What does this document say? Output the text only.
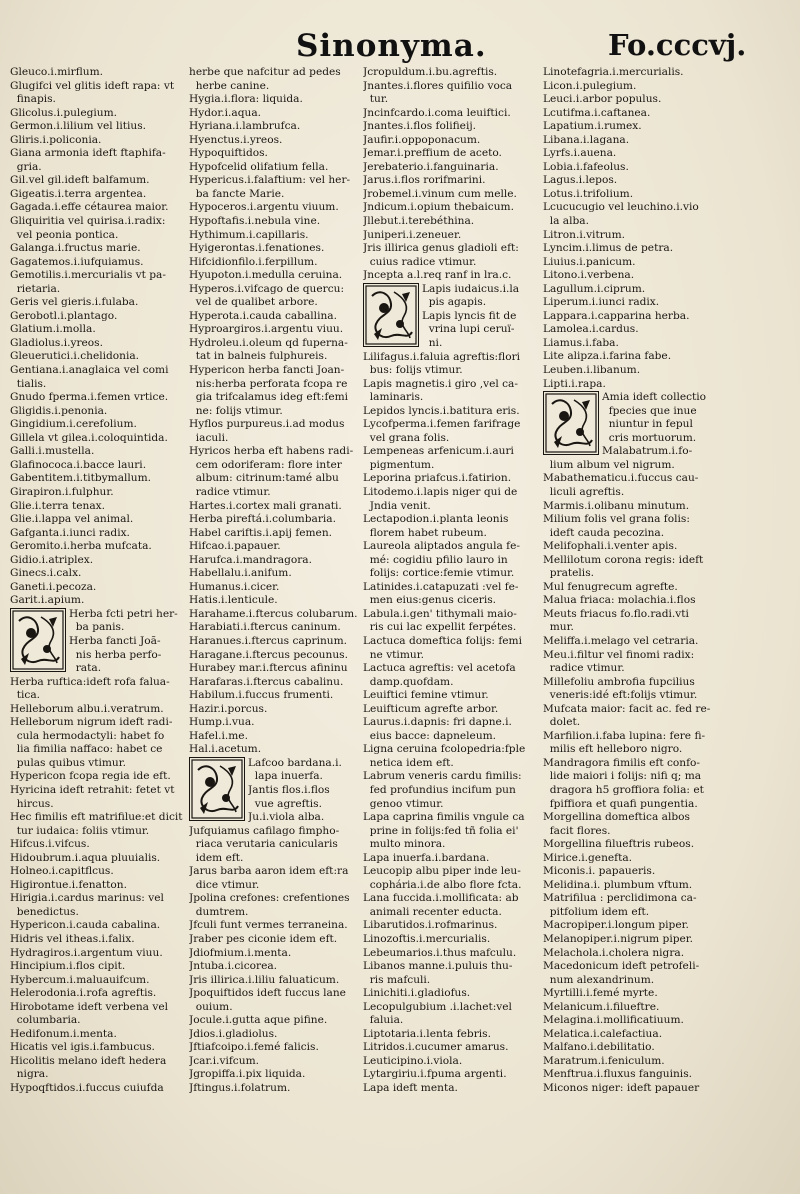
Sinonyma.	Fo.cccvj.
Gleuco.i.mirflum.
Glugifci vel glitis ideft rapa: vt
finapis.
Glicolus.i.pulegium.
Germon.i.lilium vel litius.
Gliris.i.policonia.
Giana armonia ideft ftaphifa-
gria.
Gil.vel gil.ideft balfamum.
Gigeatis.i.terra argentea.
Gagada.i.effe cétaurea maior.
Gliquiritia vel quirisa.i.radix:
vel peonia pontica.
Galanga.i.fructus marie.
Gagatemos.i.iufquiamus.
Gemotilis.i.mercurialis vt pa-
rietaria.
Geris vel gieris.i.fulaba.
Gerobotl.i.plantago.
Glatium.i.molla.
Gladiolus.i.yreos.
Gleuerutici.i.chelidonia.
Gentiana.i.anaglaica vel comi
tialis.
Gnudo fperma.i.femen vrtice.
Gligidis.i.penonia.
Gingidium.i.cerefolium.
Gillela vt gilea.i.coloquintida.
Galli.i.mustella.
Glafinococa.i.bacce lauri.
Gabentitem.i.titbymallum.
Girapiron.i.fulphur.
Glie.i.terra tenax.
Glie.i.lappa vel animal.
Gafganta.i.iunci radix.
Geromito.i.herba mufcata.
Gidio.i.atriplex.
Ginecs.i.calx.
Ganeti.i.pecoza.
Garit.i.apium.
Herba fcti petri her-
ba panis.
Herba fancti Joã-
nis herba perfo-
rata.
Herba ruftica:ideft rofa falua-
tica.
Helleborum albu.i.veratrum.
Helleborum nigrum ideft radi-
cula hermodactyli: habet fo
lia fimilia naffaco: habet ce
pulas quibus vtimur.
Hypericon fcopa regia ide eft.
Hyricina ideft retrahit: fetet vt
hircus.
Hec fimilis eft matrifilue:et dicit
tur iudaica: foliis vtimur.
Hifcus.i.vifcus.
Hidoubrum.i.aqua pluuialis.
Holneo.i.capitflcus.
Higirontue.i.fenatton.
Hirigia.i.cardus marinus: vel
benedictus.
Hypericon.i.cauda cabalina.
Hidris vel itheas.i.falix.
Hydragiros.i.argentum viuu.
Hincipium.i.flos cipit.
Hybercum.i.maluauifcum.
Helerodonia.i.rofa agreftis.
Hirobotame ideft verbena vel
columbaria.
Hedifonum.i.menta.
Hicatis vel igis.i.fambucus.
Hicolitis melano ideft hedera
nigra.
Hypoqftidos.i.fuccus cuiufda
herbe que nafcitur ad pedes
herbe canine.
Hygia.i.flora: liquida.
Hydor.i.aqua.
Hyriana.i.lambrufca.
Hyenctus.i.yreos.
Hypoquiftidos.
Hypofcelid olifatium fella.
Hypericus.i.falaftium: vel her-
ba fancte Marie.
Hypoceros.i.argentu viuum.
Hypoftafis.i.nebula vine.
Hythimum.i.capillaris.
Hyigerontas.i.fenationes.
Hifcidionfilo.i.ferpillum.
Hyupoton.i.medulla ceruina.
Hyperos.i.vifcago de quercu:
vel de qualibet arbore.
Hyperota.i.cauda caballina.
Hyproargiros.i.argentu viuu.
Hydroleu.i.oleum qd fuperna-
tat in balneis fulphureis.
Hypericon herba fancti Joan-
nis:herba perforata fcopa re
gia trifcalamus ideg eft:femi
ne: folijs vtimur.
Hyflos purpureus.i.ad modus
iaculi.
Hyricos herba eft habens radi-
cem odoriferam: flore inter
album: citrinum:tamé albu
radice vtimur.
Hartes.i.cortex mali granati.
Herba pireftá.i.columbaria.
Habel cariftis.i.apij femen.
Hifcao.i.papauer.
Harufca.i.mandragora.
Habellalu.i.anifum.
Humanus.i.cicer.
Hatis.i.lenticule.
Harahame.i.ftercus colubarum.
Harabiati.i.ftercus caninum.
Haranues.i.ftercus caprinum.
Haragane.i.ftercus pecounus.
Hurabey mar.i.ftercus afininu
Harafaras.i.ftercus cabalinu.
Habilum.i.fuccus frumenti.
Hazir.i.porcus.
Hump.i.vua.
Hafel.i.me.
Hal.i.acetum.
Lafcoo bardana.i.
lapa inuerfa.
Jantis flos.i.flos
vue agreftis.
Ju.i.viola alba.
Jufquiamus cafilago fimpho-
riaca verutaria canicularis
idem eft.
Jarus barba aaron idem eft:ra
dice vtimur.
Jpolina crefones: crefentiones
dumtrem.
Jfculi funt vermes terraneina.
Jraber pes ciconie idem eft.
Jdiofmium.i.menta.
Jntuba.i.cicorea.
Jris illirica.i.liliu faluaticum.
Jpoquiftidos ideft fuccus lane
ouium.
Jocule.i.gutta aque pifine.
Jdios.i.gladiolus.
Jftiafcoipo.i.femé falicis.
Jcar.i.vifcum.
Jgropiffa.i.pix liquida.
Jftingus.i.folatrum.
Jcropuldum.i.bu.agreftis.
Jnantes.i.flores quifilio voca
tur.
Jncinfcardo.i.coma leuiftici.
Jnantes.i.flos folifieij.
Jaufir.i.oppoponacum.
Jemar.i.preffium de aceto.
Jerebaterio.i.fanguinaria.
Jarus.i.flos rorifmarini.
Jrobemel.i.vinum cum melle.
Jndicum.i.opium thebaicum.
Jllebut.i.terebéthina.
Juniperi.i.zeneuer.
Jris illirica genus gladioli eft:
cuius radice vtimur.
Jncepta a.l.req ranf in lra.c.
Lapis iudaicus.i.la
pis agapis.
Lapis lyncis fit de
vrina lupi ceruï-
ni.
Lilifagus.i.faluia agreftis:flori
bus: folijs vtimur.
Lapis magnetis.i giro ,vel ca-
laminaris.
Lepidos lyncis.i.batitura eris.
Lycofperma.i.femen farifrage
vel grana folis.
Lempeneas arfenicum.i.auri
pigmentum.
Leporina priafcus.i.fatirion.
Litodemo.i.lapis niger qui de
Jndia venit.
Lectapodion.i.planta leonis
florem habet rubeum.
Laureola aliptados angula fe-
mé: cogidiu pfilio lauro in
folijs: cortice:femie vtimur.
Latinides.i.catapuzati :vel fe-
men eius:genus ciceris.
Labula.i.gen' tithymali maio-
ris cui lac expellit ferpétes.
Lactuca domeftica folijs: femi
ne vtimur.
Lactuca agreftis: vel acetofa
damp.quofdam.
Leuiftici femine vtimur.
Leuifticum agrefte arbor.
Laurus.i.dapnis: fri dapne.i.
eius bacce: dapneleum.
Ligna ceruina fcolopedria:fple
netica idem eft.
Labrum veneris cardu fimilis:
fed profundius incifum pun
genoo vtimur.
Lapa caprina fimilis vngule ca
prine in folijs:fed tñ folia ei'
multo minora.
Lapa inuerfa.i.bardana.
Leucopip albu piper inde leu-
cophária.i.de albo flore fcta.
Lana fuccida.i.mollificata: ab
animali recenter educta.
Libarutidos.i.rofmarinus.
Linozoftis.i.mercurialis.
Lebeumarios.i.thus mafculu.
Libanos manne.i.puluis thu-
ris mafculi.
Linichiti.i.gladiofus.
Lecopulgubium .i.lachet:vel
faluia.
Liptotaria.i.lenta febris.
Litridos.i.cucumer amarus.
Leuticipino.i.viola.
Lytargiriu.i.fpuma argenti.
Lapa ideft menta.
Linotefagria.i.mercurialis.
Licon.i.pulegium.
Leuci.i.arbor populus.
Lcutifma.i.caftanea.
Lapatium.i.rumex.
Libana.i.lagana.
Lyrfs.i.auena.
Lobia.i.fafeolus.
Lagus.i.lepos.
Lotus.i.trifolium.
Lcucucugio vel leuchino.i.vio
la alba.
Litron.i.vitrum.
Lyncim.i.limus de petra.
Liuius.i.panicum.
Litono.i.verbena.
Lagullum.i.ciprum.
Liperum.i.iunci radix.
Lappara.i.capparina herba.
Lamolea.i.cardus.
Liamus.i.faba.
Lite alipza.i.farina fabe.
Leuben.i.libanum.
Lipti.i.rapa.
Amia ideft collectio
fpecies que inue
niuntur in fepul
cris mortuorum.
Malabatrum.i.fo-
lium album vel nigrum.
Mabathematicu.i.fuccus cau-
liculi agreftis.
Marmis.i.olibanu minutum.
Milium folis vel grana folis:
ideft cauda pecozina.
Melifophali.i.venter apis.
Mellilotum corona regis: ideft
pratelis.
Mul fenugrecum agrefte.
Malua friaca: molachia.i.flos
Meuts friacus fo.flo.radi.vti
mur.
Meliffa.i.melago vel cetraria.
Meu.i.filtur vel finomi radix:
radice vtimur.
Millefoliu ambrofia fupcilius
veneris:idé eft:folijs vtimur.
Mufcata maior: facit ac. fed re-
dolet.
Marfilion.i.faba lupina: fere fi-
milis eft helleboro nigro.
Mandragora fimilis eft confo-
lide maiori i folijs: nifi q; ma
dragora h5 groffiora folia: et
fpiffiora et quafi pungentia.
Morgellina domeftica albos
facit flores.
Morgellina filueftris rubeos.
Mirice.i.genefta.
Miconis.i. papaueris.
Melidina.i. plumbum vftum.
Matrifilua : perclidimona ca-
pitfolium idem eft.
Macropiper.i.longum piper.
Melanopiper.i.nigrum piper.
Melachola.i.cholera nigra.
Macedonicum ideft petrofeli-
num alexandrinum.
Myrtilli.i.femé myrte.
Melanicum.i.filueftre.
Melagina.i.mollificatiuum.
Melatica.i.calefactiua.
Malfano.i.debilitatio.
Maratrum.i.feniculum.
Menftrua.i.fluxus fanguinis.
Miconos niger: ideft papauer
